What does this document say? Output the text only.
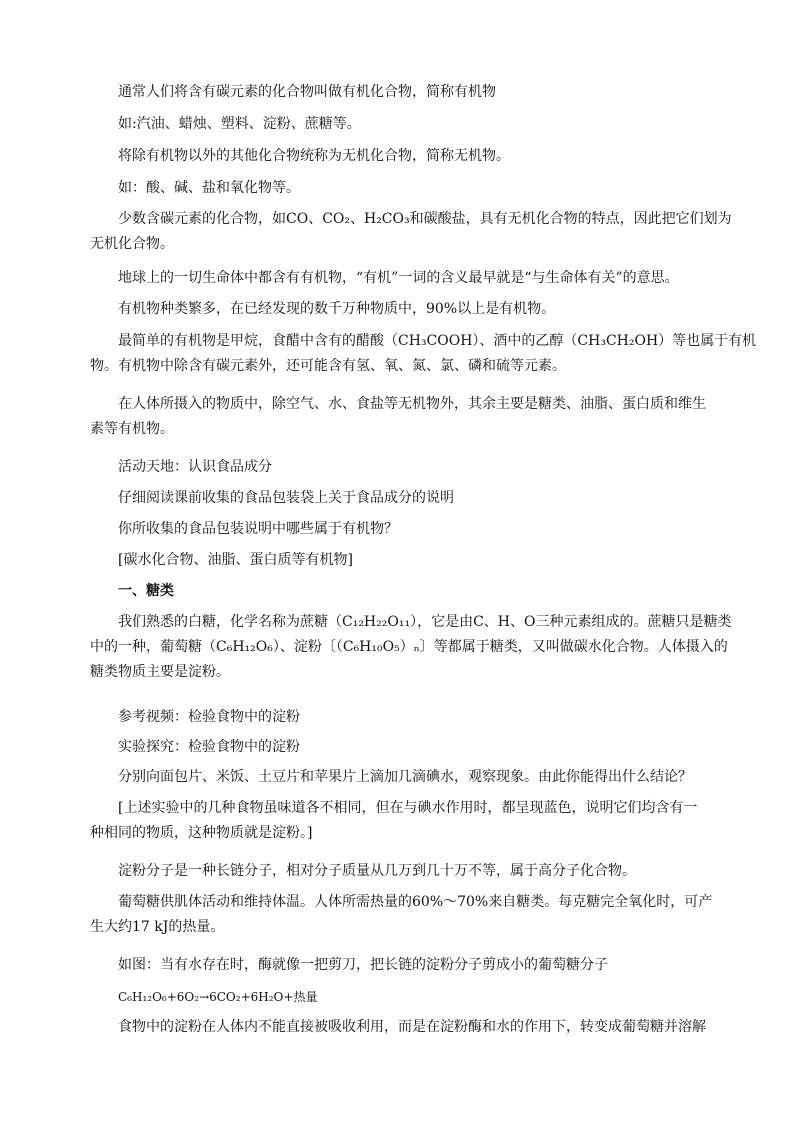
通常人们将含有碳元素的化合物叫做有机化合物，简称有机物
如:汽油、蜡烛、塑料、淀粉、蔗糖等。
将除有机物以外的其他化合物统称为无机化合物，简称无机物。
如：酸、碱、盐和氧化物等。
少数含碳元素的化合物，如CO、CO₂、H₂CO₃和碳酸盐，具有无机化合物的特点，因此把它们划为
无机化合物。
地球上的一切生命体中都含有有机物，“有机”一词的含义最早就是“与生命体有关”的意思。
有机物种类繁多，在已经发现的数千万种物质中，90%以上是有机物。
最简单的有机物是甲烷，食醋中含有的醋酸（CH₃COOH）、酒中的乙醇（CH₃CH₂OH）等也属于有机
物。有机物中除含有碳元素外，还可能含有氢、氧、氮、氯、磷和硫等元素。
在人体所摄入的物质中，除空气、水、食盐等无机物外，其余主要是糖类、油脂、蛋白质和维生
素等有机物。
活动天地：认识食品成分
仔细阅读课前收集的食品包装袋上关于食品成分的说明
你所收集的食品包装说明中哪些属于有机物？
[碳水化合物、油脂、蛋白质等有机物]
一、糖类
我们熟悉的白糖，化学名称为蔗糖（C₁₂H₂₂O₁₁），它是由C、H、O三种元素组成的。蔗糖只是糖类
中的一种，葡萄糖（C₆H₁₂O₆）、淀粉〔（C₆H₁₀O₅）ₙ〕等都属于糖类，又叫做碳水化合物。人体摄入的
糖类物质主要是淀粉。
参考视频：检验食物中的淀粉
实验探究：检验食物中的淀粉
分别向面包片、米饭、土豆片和苹果片上滴加几滴碘水，观察现象。由此你能得出什么结论？
[上述实验中的几种食物虽味道各不相同，但在与碘水作用时，都呈现蓝色，说明它们均含有一
种相同的物质，这种物质就是淀粉。]
淀粉分子是一种长链分子，相对分子质量从几万到几十万不等，属于高分子化合物。
葡萄糖供肌体活动和维持体温。人体所需热量的60%～70%来自糖类。每克糖完全氧化时，可产
生大约17 kJ的热量。
如图：当有水存在时，酶就像一把剪刀，把长链的淀粉分子剪成小的葡萄糖分子
C₆H₁₂O₆+6O₂→6CO₂+6H₂O+热量
食物中的淀粉在人体内不能直接被吸收利用，而是在淀粉酶和水的作用下，转变成葡萄糖并溶解
